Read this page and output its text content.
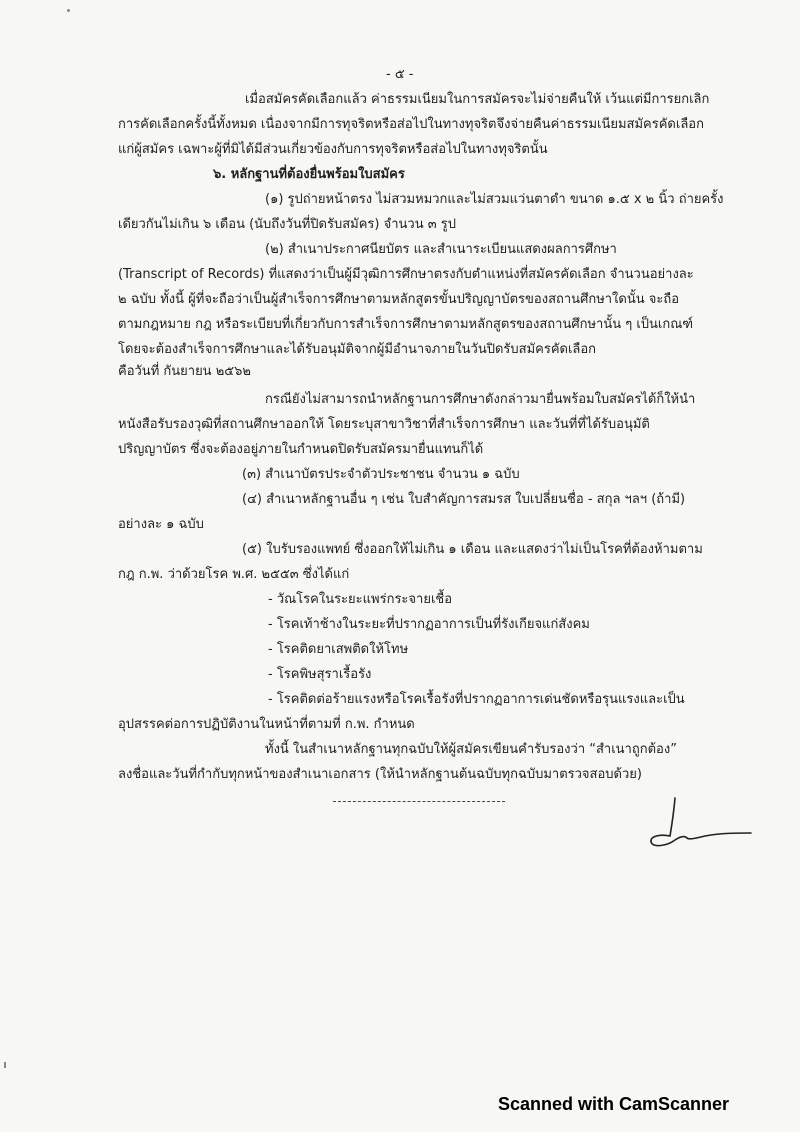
- ๕ -
เมื่อสมัครคัดเลือกแล้ว ค่าธรรมเนียมในการสมัครจะไม่จ่ายคืนให้ เว้นแต่มีการยกเลิก
การคัดเลือกครั้งนี้ทั้งหมด เนื่องจากมีการทุจริตหรือส่อไปในทางทุจริตจึงจ่ายคืนค่าธรรมเนียมสมัครคัดเลือก
แก่ผู้สมัคร เฉพาะผู้ที่มิได้มีส่วนเกี่ยวข้องกับการทุจริตหรือส่อไปในทางทุจริตนั้น
๖. หลักฐานที่ต้องยื่นพร้อมใบสมัคร
(๑) รูปถ่ายหน้าตรง ไม่สวมหมวกและไม่สวมแว่นตาดำ ขนาด ๑.๕ x ๒ นิ้ว ถ่ายครั้ง
เดียวกันไม่เกิน ๖ เดือน (นับถึงวันที่ปิดรับสมัคร) จำนวน ๓ รูป
(๒) สำเนาประกาศนียบัตร และสำเนาระเบียนแสดงผลการศึกษา
(Transcript of Records) ที่แสดงว่าเป็นผู้มีวุฒิการศึกษาตรงกับตำแหน่งที่สมัครคัดเลือก จำนวนอย่างละ
๒ ฉบับ ทั้งนี้ ผู้ที่จะถือว่าเป็นผู้สำเร็จการศึกษาตามหลักสูตรขั้นปริญญาบัตรของสถานศึกษาใดนั้น จะถือ
ตามกฎหมาย กฎ หรือระเบียบที่เกี่ยวกับการสำเร็จการศึกษาตามหลักสูตรของสถานศึกษานั้น ๆ เป็นเกณฑ์
โดยจะต้องสำเร็จการศึกษาและได้รับอนุมัติจากผู้มีอำนาจภายในวันปิดรับสมัครคัดเลือก
คือวันที่ กันยายน ๒๕๖๒
กรณียังไม่สามารถนำหลักฐานการศึกษาดังกล่าวมายื่นพร้อมใบสมัครได้ก็ให้นำ
หนังสือรับรองวุฒิที่สถานศึกษาออกให้ โดยระบุสาขาวิชาที่สำเร็จการศึกษา และวันที่ที่ได้รับอนุมัติ
ปริญญาบัตร ซึ่งจะต้องอยู่ภายในกำหนดปิดรับสมัครมายื่นแทนก็ได้
(๓) สำเนาบัตรประจำตัวประชาชน จำนวน ๑ ฉบับ
(๔) สำเนาหลักฐานอื่น ๆ เช่น ใบสำคัญการสมรส ใบเปลี่ยนชื่อ - สกุล ฯลฯ (ถ้ามี)
อย่างละ ๑ ฉบับ
(๕) ใบรับรองแพทย์ ซึ่งออกให้ไม่เกิน ๑ เดือน และแสดงว่าไม่เป็นโรคที่ต้องห้ามตาม
กฎ ก.พ. ว่าด้วยโรค พ.ศ. ๒๕๕๓ ซึ่งได้แก่
- วัณโรคในระยะแพร่กระจายเชื้อ
- โรคเท้าช้างในระยะที่ปรากฏอาการเป็นที่รังเกียจแก่สังคม
- โรคติดยาเสพติดให้โทษ
- โรคพิษสุราเรื้อรัง
- โรคติดต่อร้ายแรงหรือโรคเรื้อรังที่ปรากฏอาการเด่นชัดหรือรุนแรงและเป็น
อุปสรรคต่อการปฏิบัติงานในหน้าที่ตามที่ ก.พ. กำหนด
ทั้งนี้ ในสำเนาหลักฐานทุกฉบับให้ผู้สมัครเขียนคำรับรองว่า “สำเนาถูกต้อง”
ลงชื่อและวันที่กำกับทุกหน้าของสำเนาเอกสาร (ให้นำหลักฐานต้นฉบับทุกฉบับมาตรวจสอบด้วย)
Scanned with CamScanner
